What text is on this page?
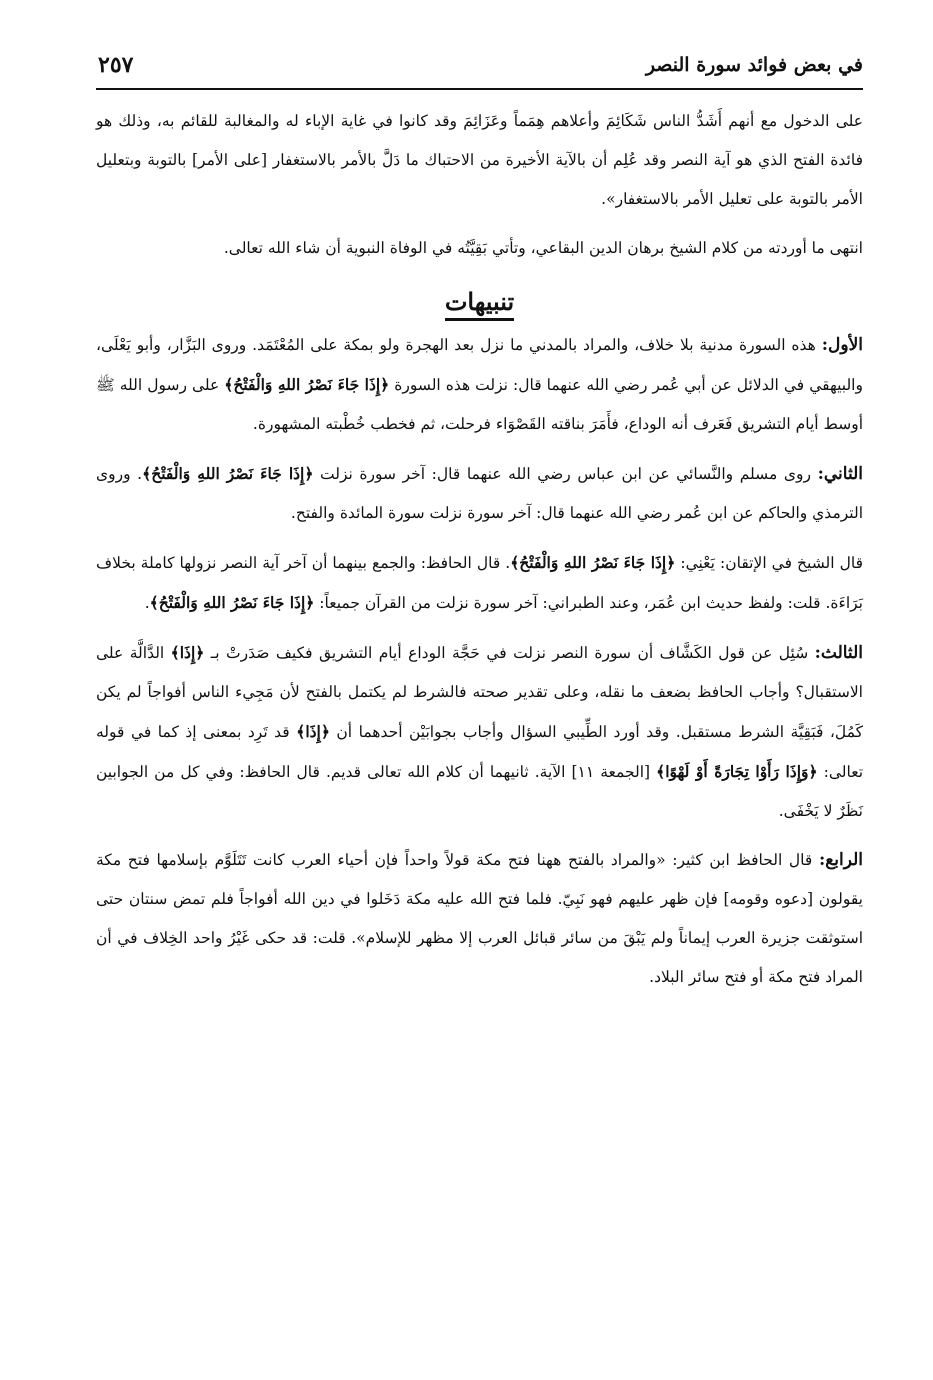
في بعض فوائد سورة النصر
٢٥٧

على الدخول مع أنهم أَشَدُّ الناس شَكَائِمَ وأعلاهم هِمَماً وعَزَائِمَ وقد كانوا في غاية الإباء له والمغالبة للقائم به، وذلك هو فائدة الفتح الذي هو آية النصر وقد عُلِم أن بالآية الأخيرة من الاحتباك ما دَلَّ بالأمر بالاستغفار [على الأمر] بالتوبة وبتعليل الأمر بالتوبة على تعليل الأمر بالاستغفار».

انتهى ما أوردته من كلام الشيخ برهان الدين البقاعي، وتأتي بَقِيَّتُه في الوفاة النبوية أن شاء الله تعالى.

تنبيهات

الأول: هذه السورة مدنية بلا خلاف، والمراد بالمدني ما نزل بعد الهجرة ولو بمكة على المُعْتَمَد. وروى البَزَّار، وأبو يَعْلَى، والبيهقي في الدلائل عن أبي عُمر رضي الله عنهما قال: نزلت هذه السورة ﴿إِذَا جَاءَ نَصْرُ اللهِ وَالْفَتْحُ﴾ على رسول الله ﷺ أوسط أيام التشريق فَعَرف أنه الوداع، فأَمَرَ بناقته القَصْوَاء فرحلت، ثم فخطب خُطْبته المشهورة.

الثاني: روى مسلم والنَّسائي عن ابن عباس رضي الله عنهما قال: آخر سورة نزلت ﴿إِذَا جَاءَ نَصْرُ اللهِ وَالْفَتْحُ﴾. وروى الترمذي والحاكم عن ابن عُمر رضي الله عنهما قال: آخر سورة نزلت سورة المائدة والفتح.

قال الشيخ في الإتقان: يَعْنِي: ﴿إِذَا جَاءَ نَصْرُ اللهِ وَالْفَتْحُ﴾. قال الحافظ: والجمع بينهما أن آخر آية النصر نزولها كاملة بخلاف بَرَاءَة. قلت: ولفظ حديث ابن عُمَر، وعند الطبراني: آخر سورة نزلت من القرآن جميعاً: ﴿إِذَا جَاءَ نَصْرُ اللهِ وَالْفَتْحُ﴾.

الثالث: سُئِل عن قول الكَشَّاف أن سورة النصر نزلت في حَجَّة الوداع أيام التشريق فكيف صَدَرتْ بـ ﴿إِذَا﴾ الدَّالَّة على الاستقبال؟ وأجاب الحافظ بضعف ما نقله، وعلى تقدير صحته فالشرط لم يكتمل بالفتح لأن مَجِيء الناس أفواجاً لم يكن كَمُلَ، فَبَقِيَّة الشرط مستقبل. وقد أورد الطِّيبي السؤال وأجاب بجوابَيْن أحدهما أن ﴿إِذَا﴾ قد تَرِد بمعنى إذ كما في قوله تعالى: ﴿وَإِذَا رَأَوْا تِجَارَةً أَوْ لَهْوًا﴾ [الجمعة ١١] الآية. ثانيهما أن كلام الله تعالى قديم. قال الحافظ: وفي كل من الجوابين نَظَرٌ لا يَخْفَى.

الرابع: قال الحافظ ابن كثير: «والمراد بالفتح ههنا فتح مكة قولاً واحداً فإن أحياء العرب كانت تَتَلَوَّم بإسلامها فتح مكة يقولون [دعوه وقومه] فإن ظهر عليهم فهو نَبِيّ. فلما فتح الله عليه مكة دَخَلوا في دين الله أفواجاً فلم تمض سنتان حتى استوثقت جزيرة العرب إيماناً ولم يَبْقَ من سائر قبائل العرب إلا مظهر للإسلام». قلت: قد حكى غَيْرُ واحد الخِلاف في أن المراد فتح مكة أو فتح سائر البلاد.
